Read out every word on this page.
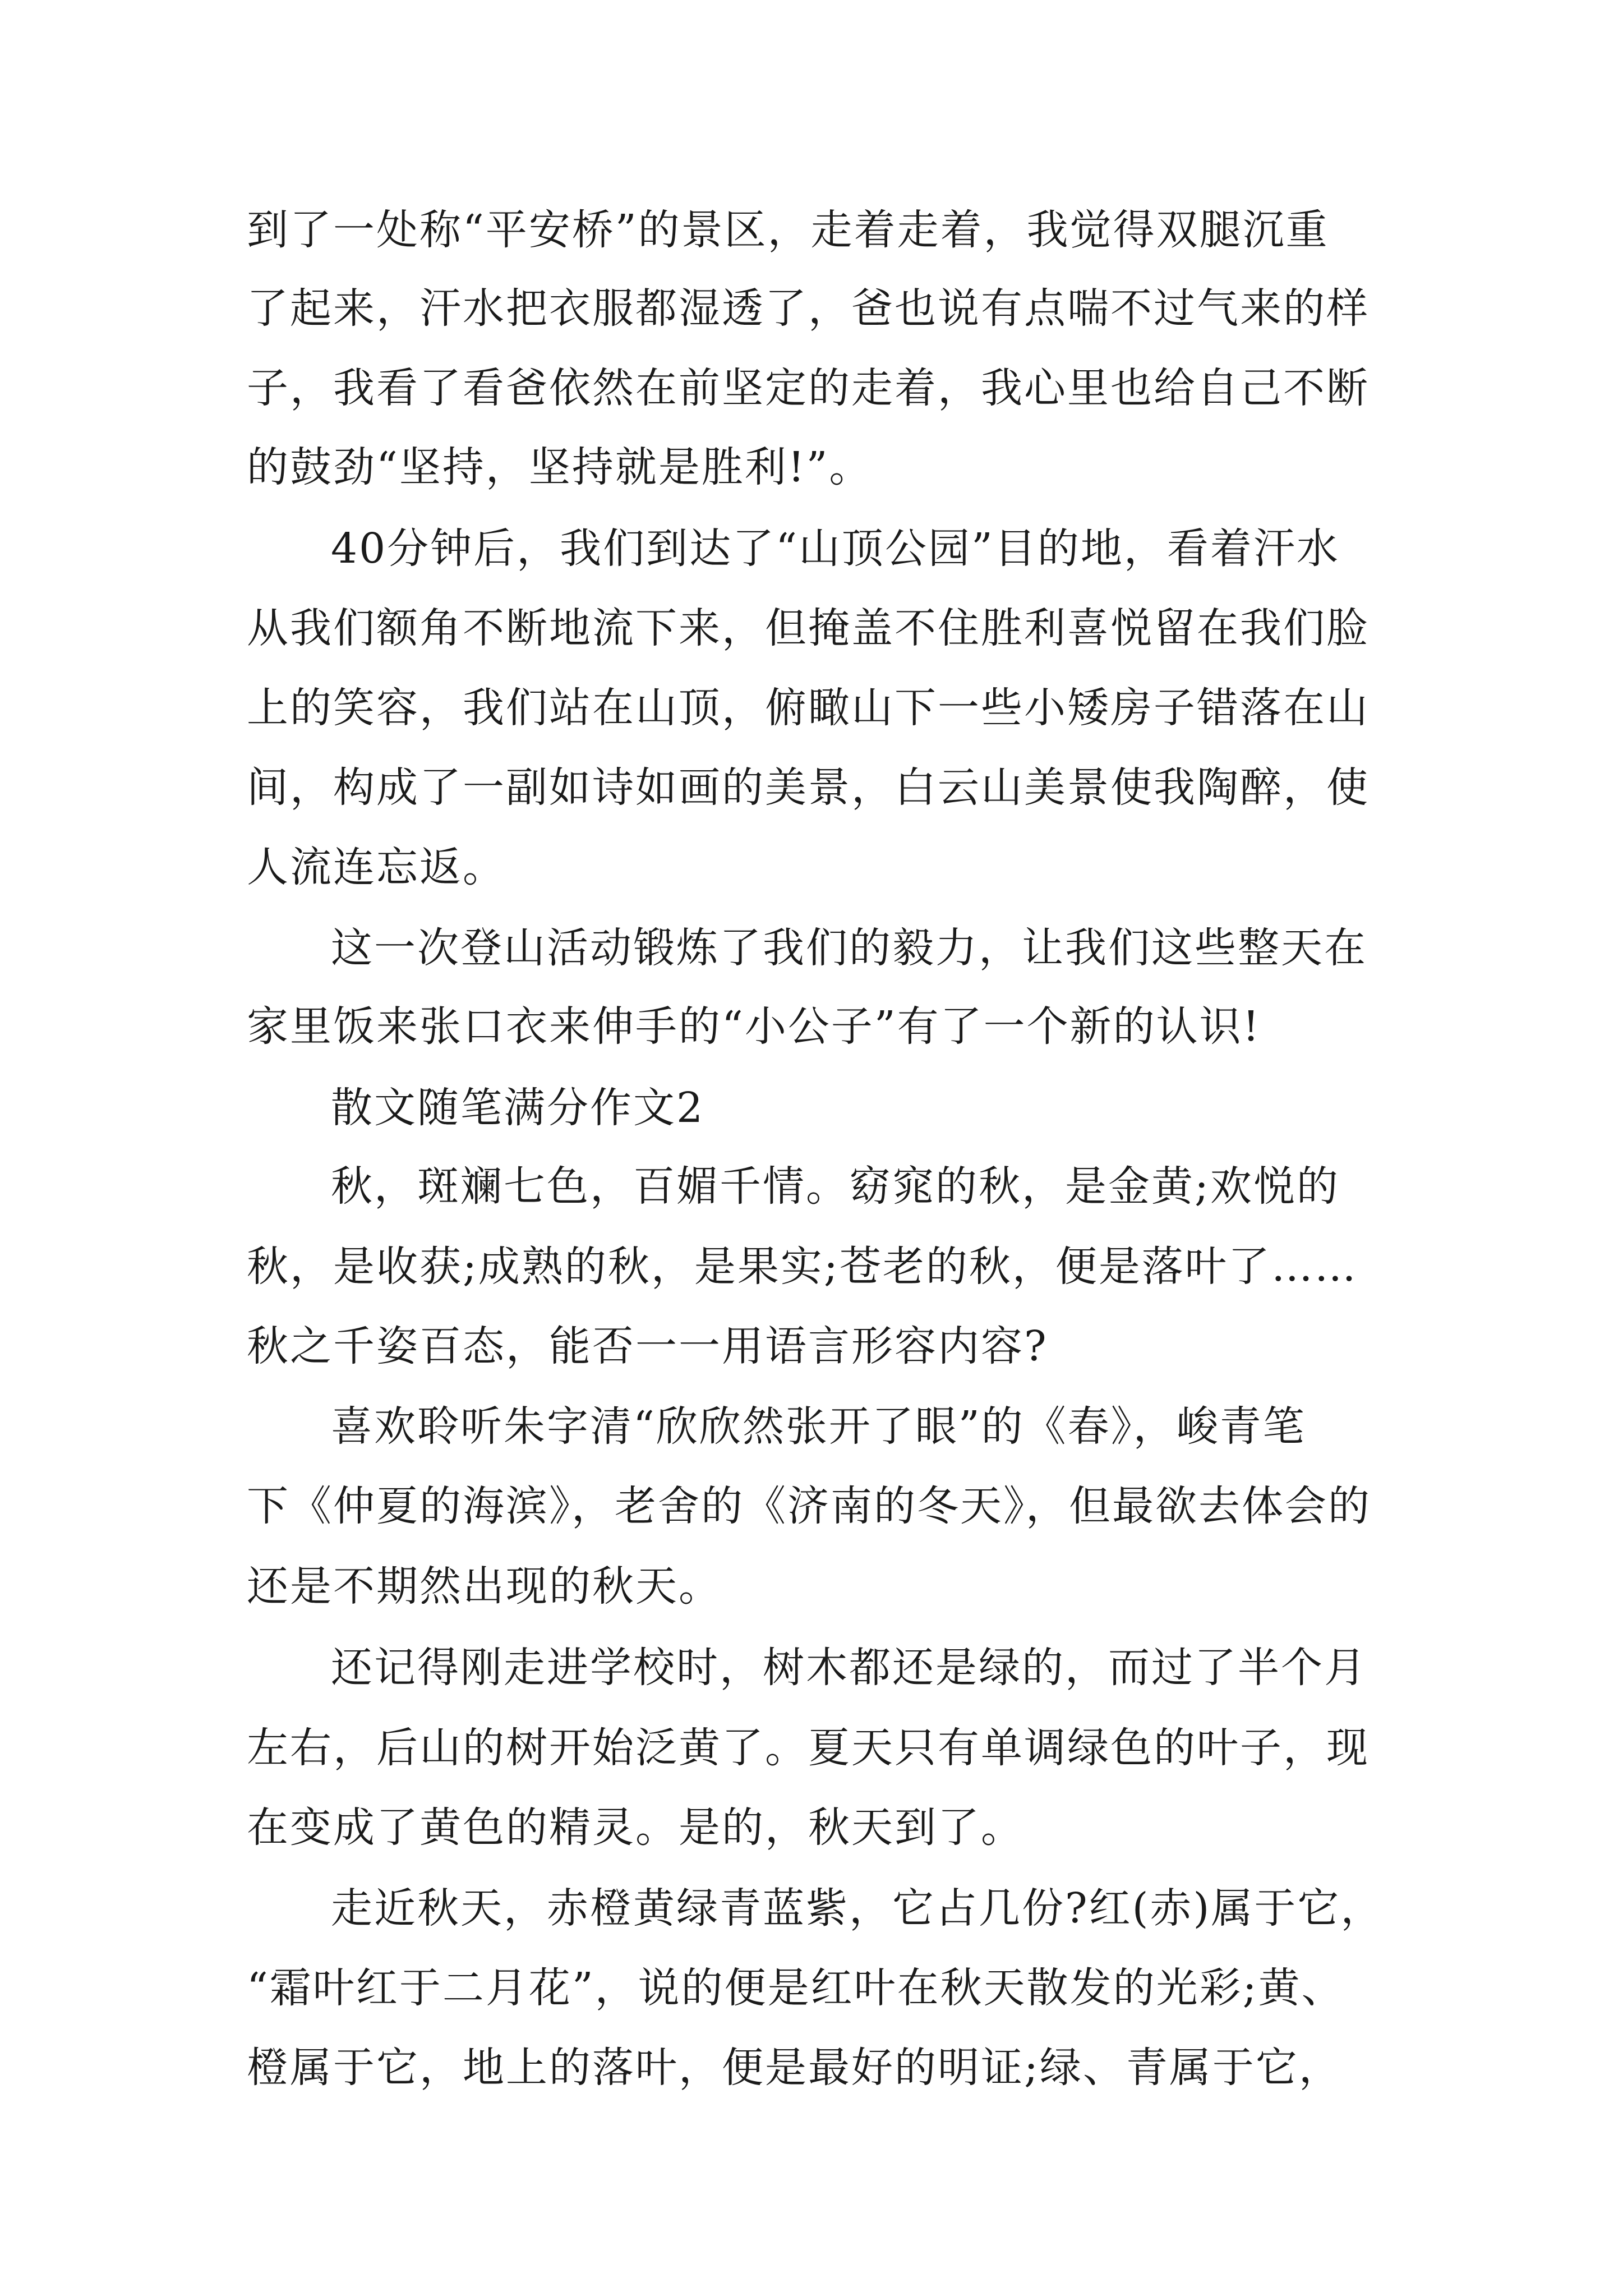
到了一处称“平安桥”的景区，走着走着，我觉得双腿沉重
了起来，汗水把衣服都湿透了，爸也说有点喘不过气来的样
子，我看了看爸依然在前坚定的走着，我心里也给自己不断
的鼓劲“坚持，坚持就是胜利!”。
40分钟后，我们到达了“山顶公园”目的地，看着汗水
从我们额角不断地流下来，但掩盖不住胜利喜悦留在我们脸
上的笑容，我们站在山顶，俯瞰山下一些小矮房子错落在山
间，构成了一副如诗如画的美景，白云山美景使我陶醉，使
人流连忘返。
这一次登山活动锻炼了我们的毅力，让我们这些整天在
家里饭来张口衣来伸手的“小公子”有了一个新的认识!
散文随笔满分作文2
秋，斑斓七色，百媚千情。窈窕的秋，是金黄;欢悦的
秋，是收获;成熟的秋，是果实;苍老的秋，便是落叶了……
秋之千姿百态，能否一一用语言形容内容?
喜欢聆听朱字清“欣欣然张开了眼”的《春》，峻青笔
下《仲夏的海滨》，老舍的《济南的冬天》，但最欲去体会的
还是不期然出现的秋天。
还记得刚走进学校时，树木都还是绿的，而过了半个月
左右，后山的树开始泛黄了。夏天只有单调绿色的叶子，现
在变成了黄色的精灵。是的，秋天到了。
走近秋天，赤橙黄绿青蓝紫，它占几份?红(赤)属于它，
“霜叶红于二月花”，说的便是红叶在秋天散发的光彩;黄、
橙属于它，地上的落叶，便是最好的明证;绿、青属于它，
